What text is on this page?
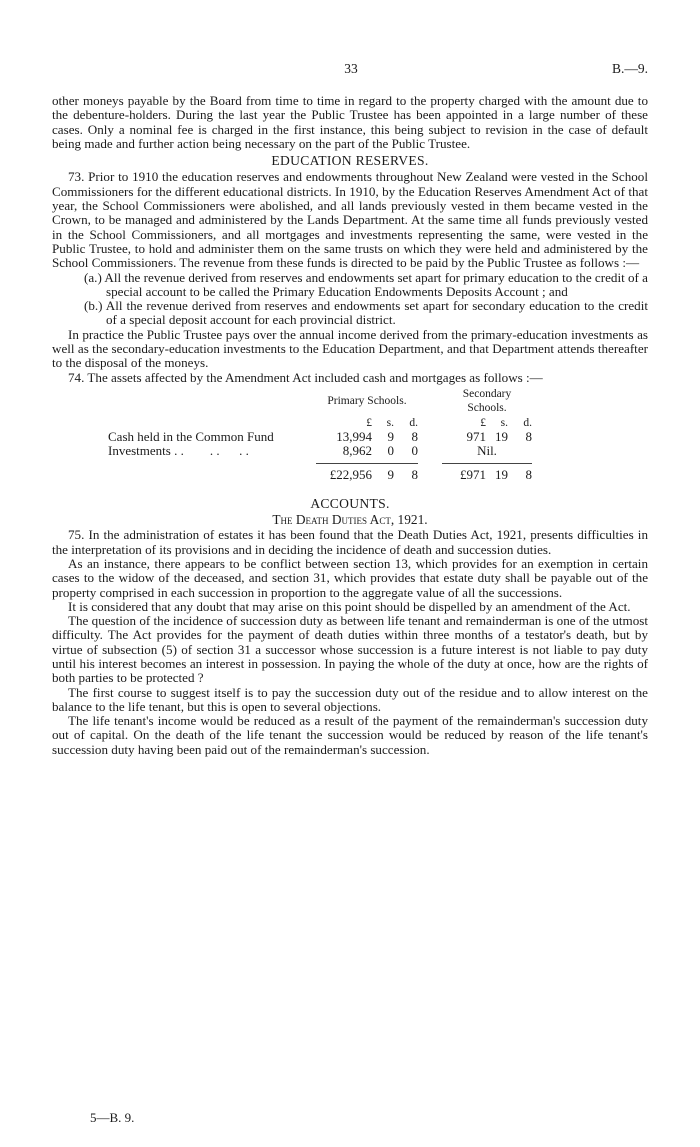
33	B.—9.

other moneys payable by the Board from time to time in regard to the property charged with the amount due to the debenture-holders. During the last year the Public Trustee has been appointed in a large number of these cases. Only a nominal fee is charged in the first instance, this being subject to revision in the case of default being made and further action being necessary on the part of the Public Trustee.

EDUCATION RESERVES.

73. Prior to 1910 the education reserves and endowments throughout New Zealand were vested in the School Commissioners for the different educational districts. In 1910, by the Education Reserves Amendment Act of that year, the School Commissioners were abolished, and all lands previously vested in them became vested in the Crown, to be managed and administered by the Lands Department. At the same time all funds previously vested in the School Commissioners, and all mortgages and investments representing the same, were vested in the Public Trustee, to hold and administer them on the same trusts on which they were held and administered by the School Commissioners. The revenue from these funds is directed to be paid by the Public Trustee as follows :—

(a.) All the revenue derived from reserves and endowments set apart for primary education to the credit of a special account to be called the Primary Education Endowments Deposits Account ; and

(b.) All the revenue derived from reserves and endowments set apart for secondary education to the credit of a special deposit account for each provincial district.

In practice the Public Trustee pays over the annual income derived from the primary-education investments as well as the secondary-education investments to the Education Department, and that Department attends thereafter to the disposal of the moneys.

74. The assets affected by the Amendment Act included cash and mortgages as follows :—

	Primary Schools.				Secondary Schools.		
	£	s.	d.		£	s.	d.
Cash held in the Common Fund	13,994	9	8		971	19	8
Investments . .        . .      . .	8,962	0	0		Nil.		

	£22,956	9	8		£971	19	8
ACCOUNTS.
The Death Duties Act, 1921.

75. In the administration of estates it has been found that the Death Duties Act, 1921, presents difficulties in the interpretation of its provisions and in deciding the incidence of death and succession duties.

As an instance, there appears to be conflict between section 13, which provides for an exemption in certain cases to the widow of the deceased, and section 31, which provides that estate duty shall be payable out of the property comprised in each succession in proportion to the aggregate value of all the successions.

It is considered that any doubt that may arise on this point should be dispelled by an amendment of the Act.

The question of the incidence of succession duty as between life tenant and remainderman is one of the utmost difficulty. The Act provides for the payment of death duties within three months of a testator's death, but by virtue of subsection (5) of section 31 a successor whose succession is a future interest is not liable to pay duty until his interest becomes an interest in possession. In paying the whole of the duty at once, how are the rights of both parties to be protected ?

The first course to suggest itself is to pay the succession duty out of the residue and to allow interest on the balance to the life tenant, but this is open to several objections.

The life tenant's income would be reduced as a result of the payment of the remainderman's succession duty out of capital. On the death of the life tenant the succession would be reduced by reason of the life tenant's succession duty having been paid out of the remainderman's succession.

5—B. 9.
